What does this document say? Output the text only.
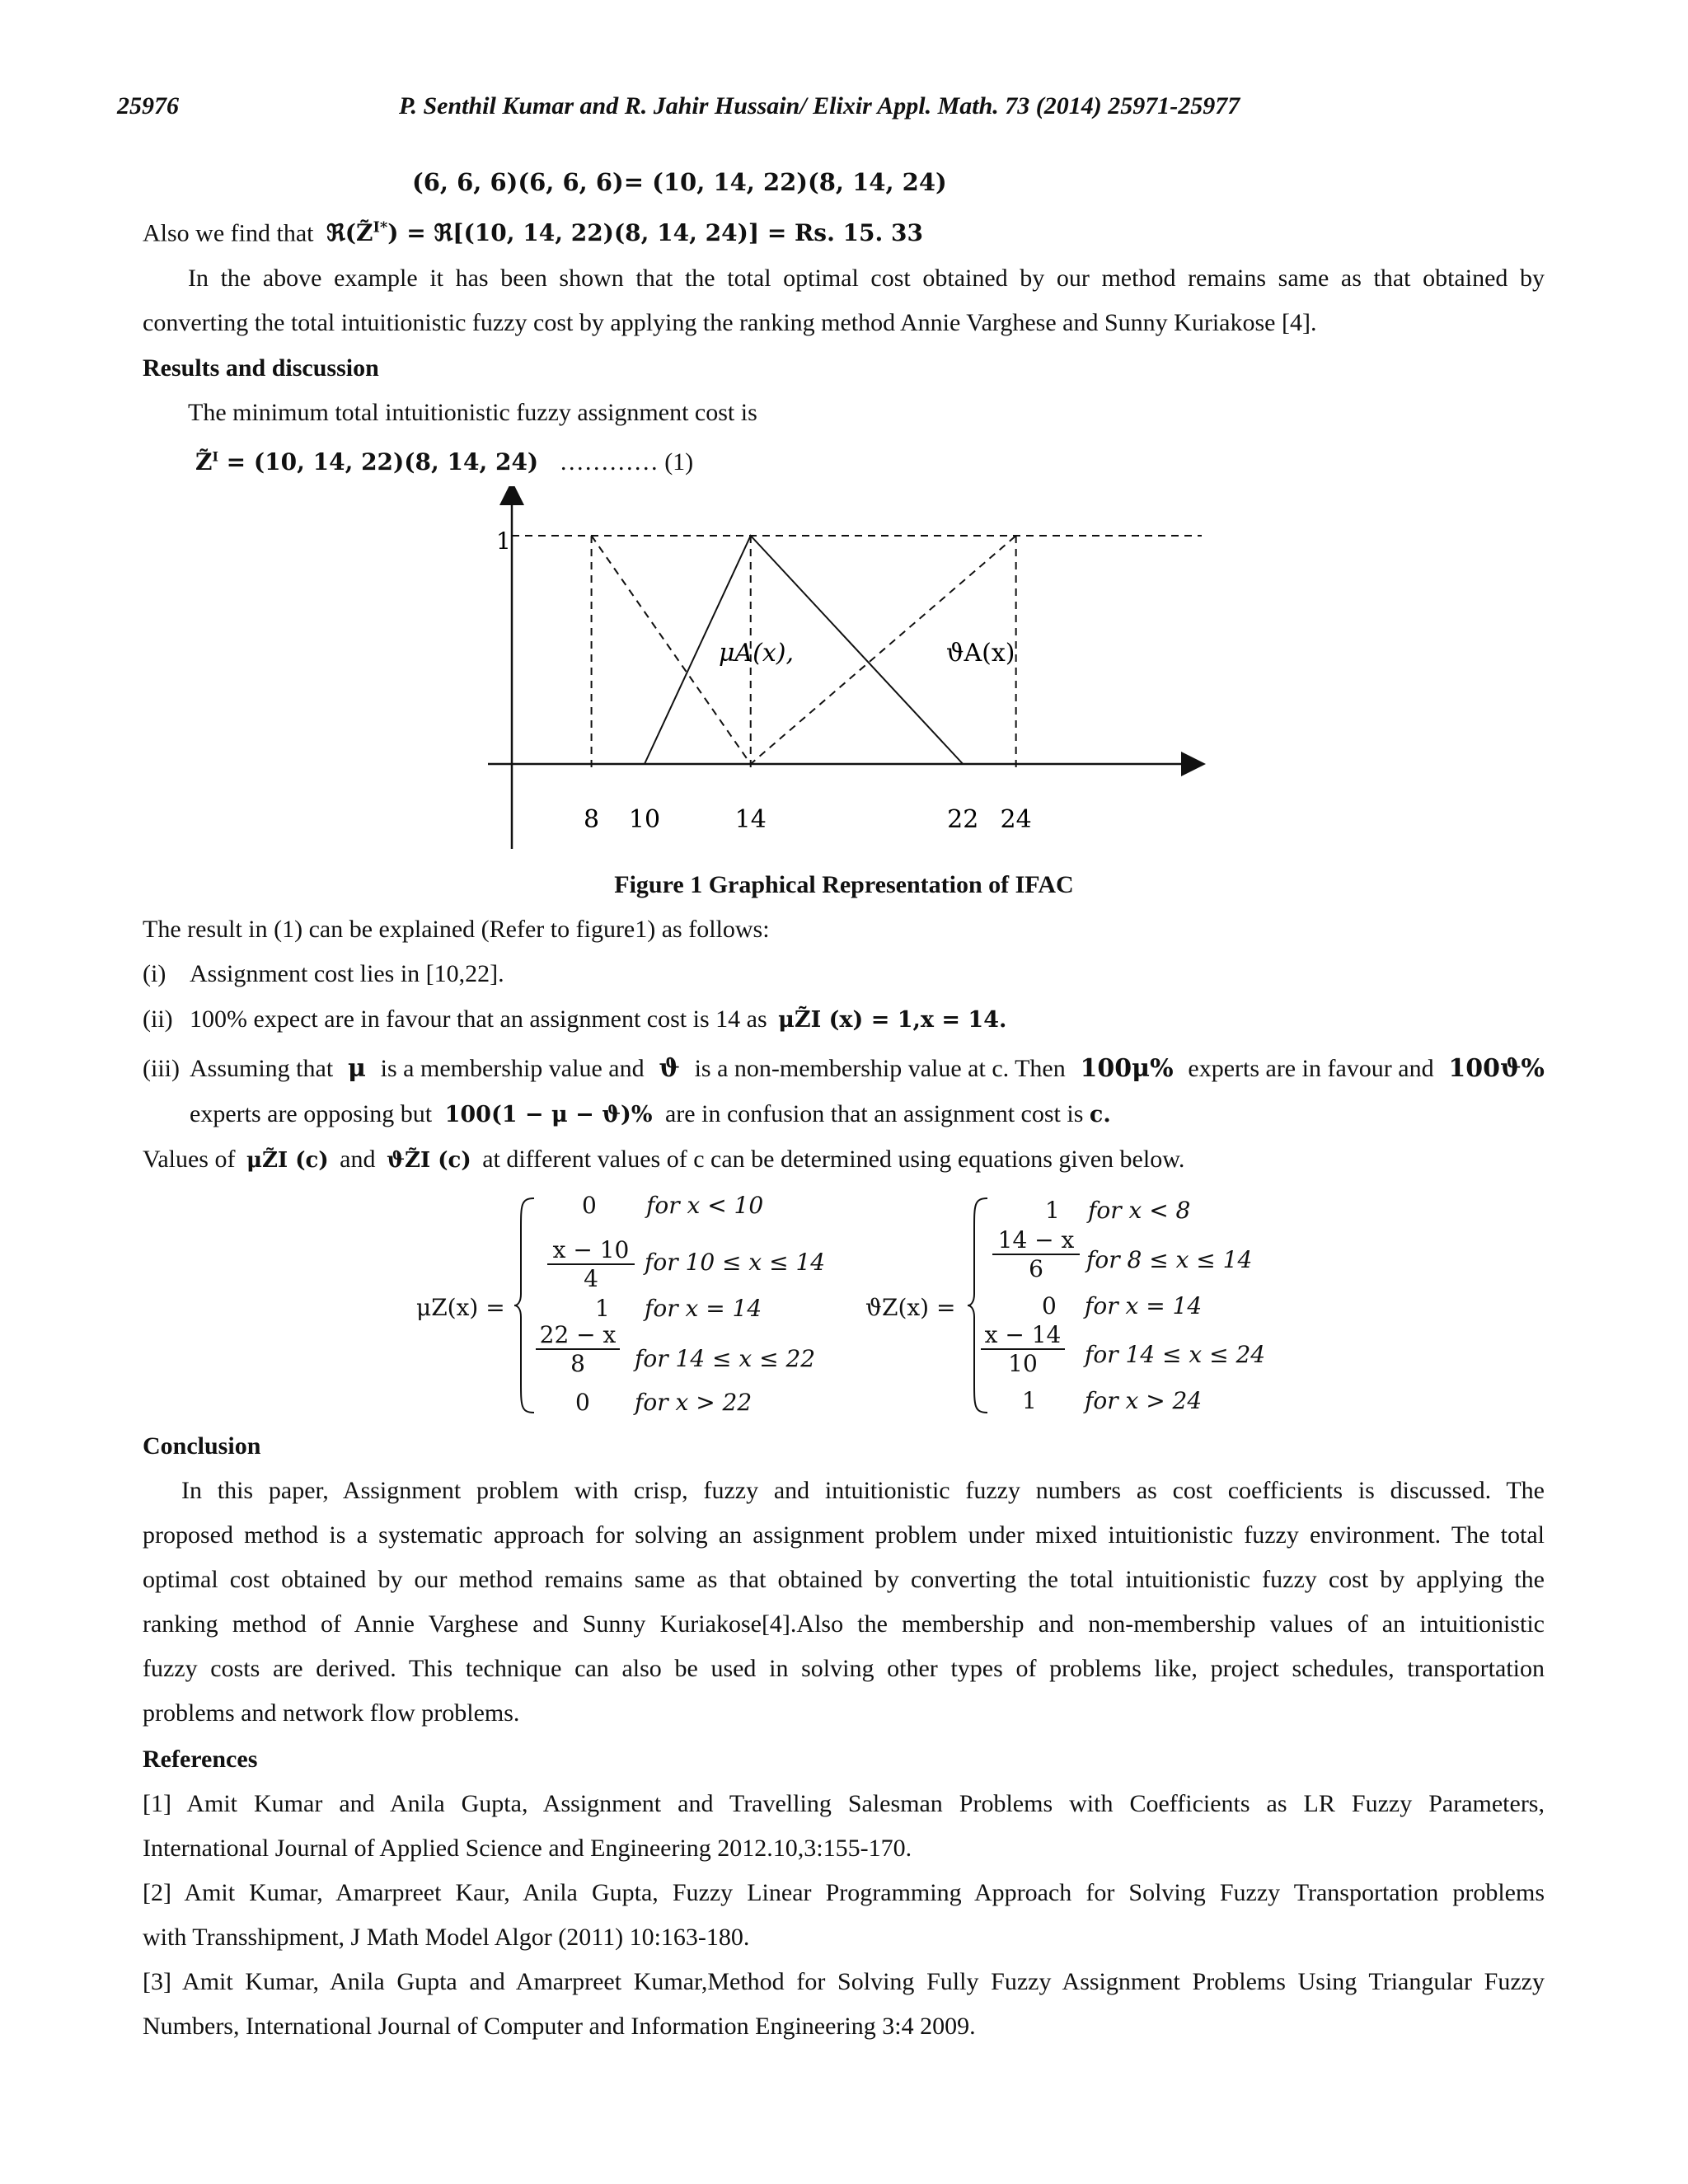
25976	P. Senthil Kumar and R. Jahir Hussain/ Elixir Appl. Math. 73 (2014) 25971-25977
(6, 6, 6)(6, 6, 6)= (10, 14, 22)(8, 14, 24)
Also we find that ℜ(Z̃$^{I*}$) = ℜ[(10, 14, 22)(8, 14, 24)] = Rs. 15. 33
In the above example it has been shown that the total optimal cost obtained by our method remains same as that obtained by
converting the total intuitionistic fuzzy cost by applying the ranking method Annie Varghese and Sunny Kuriakose [4].
Results and discussion
The minimum total intuitionistic fuzzy assignment cost is
Z̃$^I$ = (10, 14, 22)(8, 14, 24) ………… (1)
1
μA(x),	ϑA(x)
8 10	14	22 24
Figure 1 Graphical Representation of IFAC
The result in (1) can be explained (Refer to figure1) as follows:
(i) Assignment cost lies in [10,22].
(ii) 100% expect are in favour that an assignment cost is 14 as μZ̃I (x) = 1,x = 14.
(iii) Assuming that μ is a membership value and ϑ is a non-membership value at c. Then 100μ% experts are in favour and 100ϑ%
experts are opposing but 100(1 − μ − ϑ)% are in confusion that an assignment cost is c.
Values of μZ̃I (c) and ϑZ̃I (c) at different values of c can be determined using equations given below.
μZ(x) =
0 for x < 10
$\frac{x - 10}{4}$ for 10 ≤ x ≤ 14
1 for x = 14
$\frac{22 - x}{8}$ for 14 ≤ x ≤ 22
0 for x > 22
ϑZ(x) =
1 for x < 8
$\frac{14 - x}{6}$ for 8 ≤ x ≤ 14
0 for x = 14
$\frac{x - 14}{10}$ for 14 ≤ x ≤ 24
1 for x > 24
Conclusion
In this paper, Assignment problem with crisp, fuzzy and intuitionistic fuzzy numbers as cost coefficients is discussed. The
proposed method is a systematic approach for solving an assignment problem under mixed intuitionistic fuzzy environment. The total
optimal cost obtained by our method remains same as that obtained by converting the total intuitionistic fuzzy cost by applying the
ranking method of Annie Varghese and Sunny Kuriakose[4].Also the membership and non-membership values of an intuitionistic
fuzzy costs are derived. This technique can also be used in solving other types of problems like, project schedules, transportation
problems and network flow problems.
References
[1] Amit Kumar and Anila Gupta, Assignment and Travelling Salesman Problems with Coefficients as LR Fuzzy Parameters,
International Journal of Applied Science and Engineering 2012.10,3:155-170.
[2] Amit Kumar, Amarpreet Kaur, Anila Gupta, Fuzzy Linear Programming Approach for Solving Fuzzy Transportation problems
with Transshipment, J Math Model Algor (2011) 10:163-180.
[3] Amit Kumar, Anila Gupta and Amarpreet Kumar,Method for Solving Fully Fuzzy Assignment Problems Using Triangular Fuzzy
Numbers, International Journal of Computer and Information Engineering 3:4 2009.
